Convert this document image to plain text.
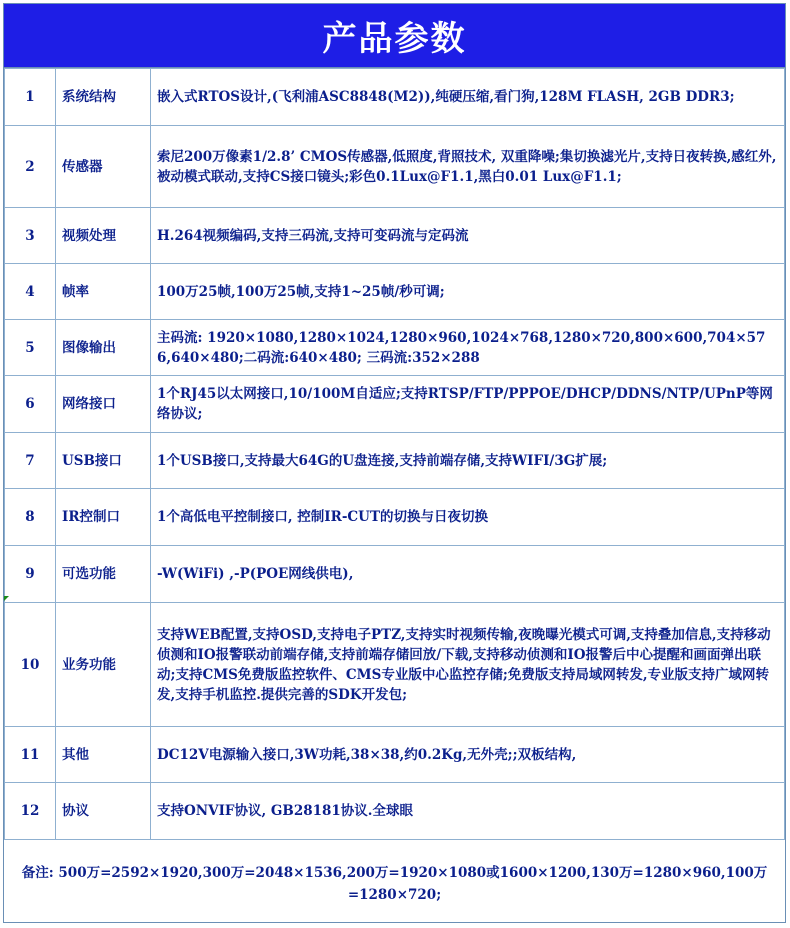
产品参数
1	系统结构	嵌入式RTOS设计,(飞利浦ASC8848(M2)),纯硬压缩,看门狗,128M FLASH, 2GB DDR3;
2	传感器	索尼200万像素1/2.8’ CMOS传感器,低照度,背照技术, 双重降噪;集切换滤光片,支持日夜转换,感红外,被动模式联动,支持CS接口镜头;彩色0.1Lux@F1.1,黑白0.01 Lux@F1.1;
3	视频处理	H.264视频编码,支持三码流,支持可变码流与定码流
4	帧率	100万25帧,100万25帧,支持1~25帧/秒可调;
5	图像输出	主码流: 1920×1080,1280×1024,1280×960,1024×768,1280×720,800×600,704×576,640×480;二码流:640×480; 三码流:352×288
6	网络接口	1个RJ45以太网接口,10/100M自适应;支持RTSP/FTP/PPPOE/DHCP/DDNS/NTP/UPnP等网络协议;
7	USB接口	1个USB接口,支持最大64G的U盘连接,支持前端存储,支持WIFI/3G扩展;
8	IR控制口	1个高低电平控制接口, 控制IR-CUT的切换与日夜切换
9	可选功能	-W(WiFi) ,-P(POE网线供电),
10	业务功能	支持WEB配置,支持OSD,支持电子PTZ,支持实时视频传输,夜晚曝光模式可调,支持叠加信息,支持移动侦测和IO报警联动前端存储,支持前端存储回放/下载,支持移动侦测和IO报警后中心提醒和画面弹出联动;支持CMS免费版监控软件、CMS专业版中心监控存储;免费版支持局域网转发,专业版支持广域网转发,支持手机监控.提供完善的SDK开发包;
11	其他	DC12V电源输入接口,3W功耗,38×38,约0.2Kg,无外壳;;双板结构,
12	协议	支持ONVIF协议, GB28181协议.全球眼
备注: 500万=2592×1920,300万=2048×1536,200万=1920×1080或1600×1200,130万=1280×960,100万=1280×720;
